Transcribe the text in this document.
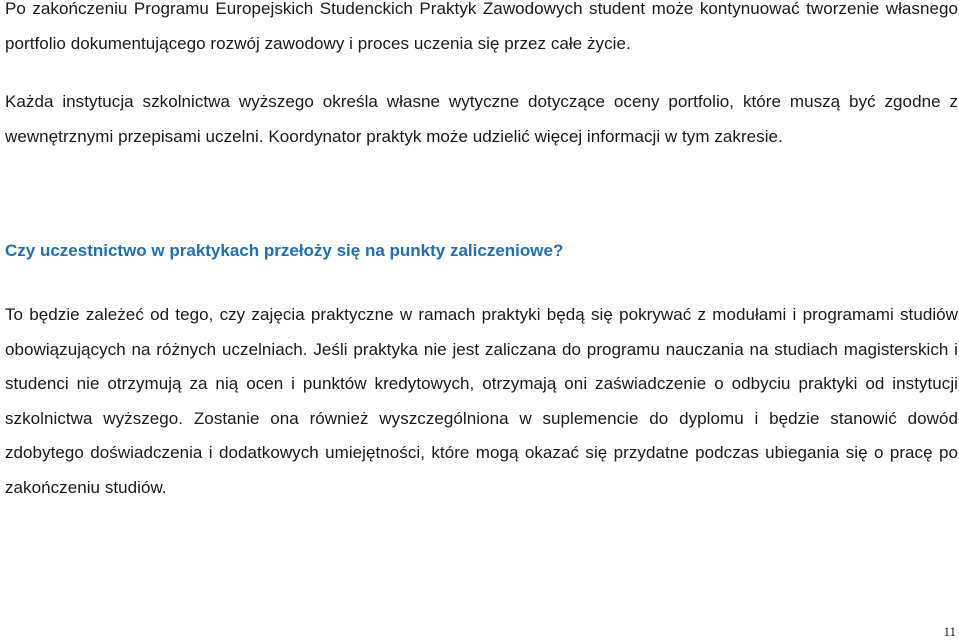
Po zakończeniu Programu Europejskich Studenckich Praktyk Zawodowych student może kontynuować tworzenie własnego portfolio dokumentującego rozwój zawodowy i proces uczenia się przez całe życie.

Każda instytucja szkolnictwa wyższego określa własne wytyczne dotyczące oceny portfolio, które muszą być zgodne z wewnętrznymi przepisami uczelni. Koordynator praktyk może udzielić więcej informacji w tym zakresie.

Czy uczestnictwo w praktykach przełoży się na punkty zaliczeniowe?

To będzie zależeć od tego, czy zajęcia praktyczne w ramach praktyki będą się pokrywać z modułami i programami studiów obowiązujących na różnych uczelniach. Jeśli praktyka nie jest zaliczana do programu nauczania na studiach magisterskich i studenci nie otrzymują za nią ocen i punktów kredytowych, otrzymają oni zaświadczenie o odbyciu praktyki od instytucji szkolnictwa wyższego. Zostanie ona również wyszczególniona w suplemencie do dyplomu i będzie stanowić dowód zdobytego doświadczenia i dodatkowych umiejętności, które mogą okazać się przydatne podczas ubiegania się o pracę po zakończeniu studiów.

11
